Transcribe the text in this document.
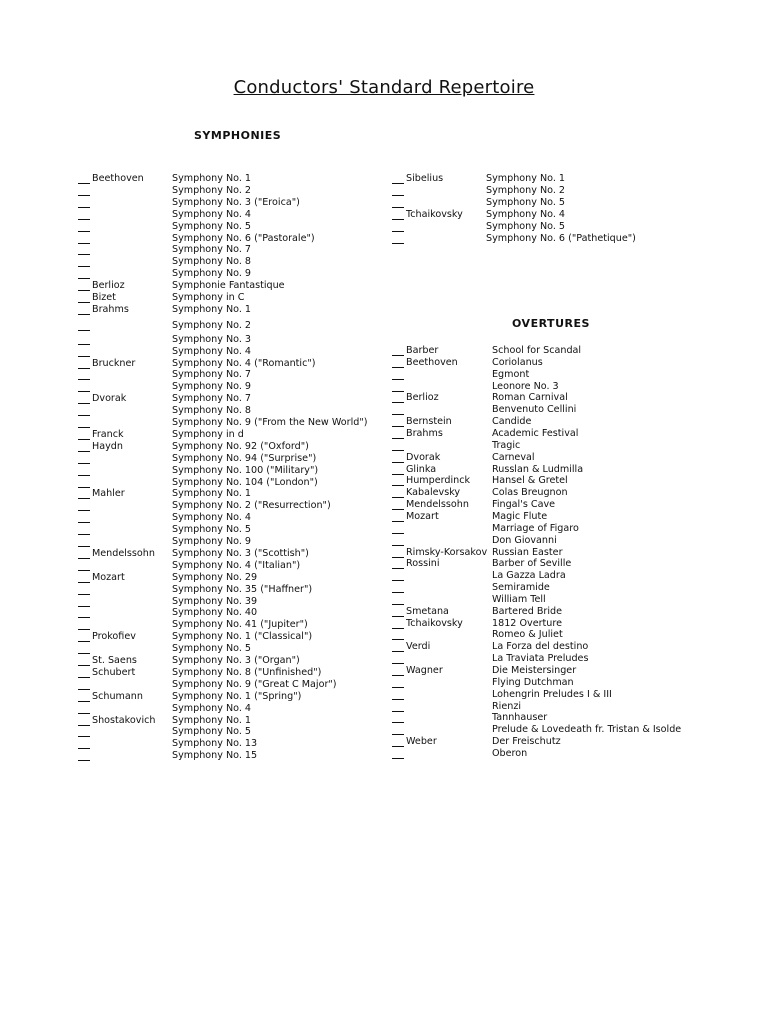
Conductors' Standard Repertoire
SYMPHONIES
OVERTURES
Beethoven	Symphony No. 1
Symphony No. 2
Symphony No. 3 ("Eroica")
Symphony No. 4
Symphony No. 5
Symphony No. 6 ("Pastorale")
Symphony No. 7
Symphony No. 8
Symphony No. 9
Berlioz	Symphonie Fantastique
Bizet	Symphony in C
Brahms	Symphony No. 1
Symphony No. 2
Symphony No. 3
Symphony No. 4
Bruckner	Symphony No. 4 ("Romantic")
Symphony No. 7
Symphony No. 9
Dvorak	Symphony No. 7
Symphony No. 8
Symphony No. 9 ("From the New World")
Franck	Symphony in d
Haydn	Symphony No. 92 ("Oxford")
Symphony No. 94 ("Surprise")
Symphony No. 100 ("Military")
Symphony No. 104 ("London")
Mahler	Symphony No. 1
Symphony No. 2 ("Resurrection")
Symphony No. 4
Symphony No. 5
Symphony No. 9
Mendelssohn Symphony No. 3 ("Scottish")
Symphony No. 4 ("Italian")
Mozart	Symphony No. 29
Symphony No. 35 ("Haffner")
Symphony No. 39
Symphony No. 40
Symphony No. 41 ("Jupiter")
Prokofiev	Symphony No. 1 ("Classical")
Symphony No. 5
St. Saens	Symphony No. 3 ("Organ")
Schubert	Symphony No. 8 ("Unfinished")
Symphony No. 9 ("Great C Major")
Schumann	Symphony No. 1 ("Spring")
Symphony No. 4
Shostakovich Symphony No. 1
Symphony No. 5
Symphony No. 13
Symphony No. 15
Sibelius	Symphony No. 1
Symphony No. 2
Symphony No. 5
Tchaikovsky Symphony No. 4
Symphony No. 5
Symphony No. 6 ("Pathetique")
Barber	School for Scandal
Beethoven	Coriolanus
Egmont
Leonore No. 3
Berlioz	Roman Carnival
Benvenuto Cellini
Bernstein	Candide
Brahms	Academic Festival
Tragic
Dvorak	Carneval
Glinka	Russlan & Ludmilla
Humperdinck Hansel & Gretel
Kabalevsky	Colas Breugnon
Mendelssohn Fingal's Cave
Mozart	Magic Flute
Marriage of Figaro
Don Giovanni
Rimsky-Korsakov Russian Easter
Rossini	Barber of Seville
La Gazza Ladra
Semiramide
William Tell
Smetana	Bartered Bride
Tchaikovsky	1812 Overture
Romeo & Juliet
Verdi	La Forza del destino
La Traviata Preludes
Wagner	Die Meistersinger
Flying Dutchman
Lohengrin Preludes I & III
Rienzi
Tannhauser
Prelude & Lovedeath fr. Tristan & Isolde
Weber	Der Freischutz
Oberon
